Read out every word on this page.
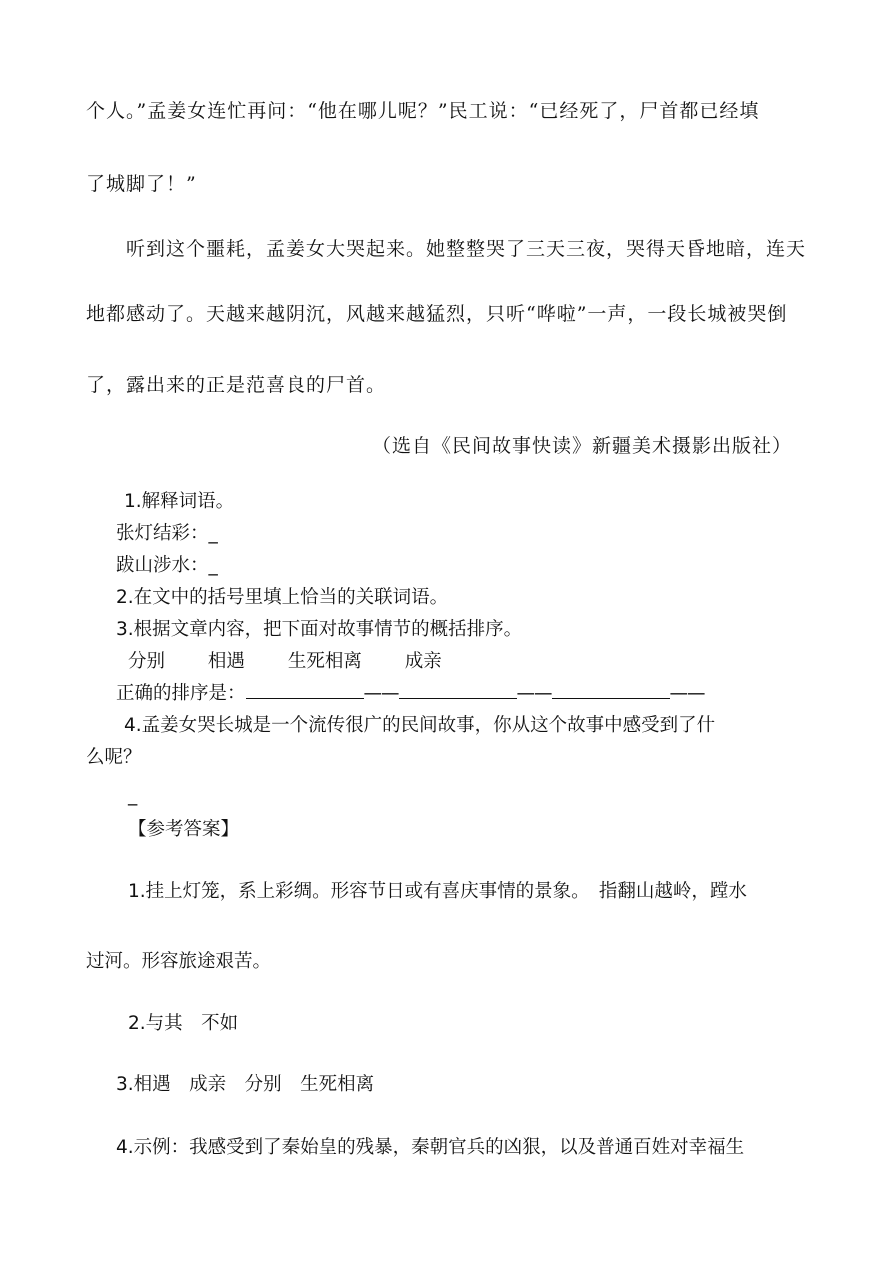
个人。”孟姜女连忙再问：“他在哪儿呢？”民工说：“已经死了，尸首都已经填
了城脚了！”
听到这个噩耗，孟姜女大哭起来。她整整哭了三天三夜，哭得天昏地暗，连天
地都感动了。天越来越阴沉，风越来越猛烈，只听“哗啦”一声，一段长城被哭倒
了，露出来的正是范喜良的尸首。
（选自《民间故事快读》新疆美术摄影出版社）
1.解释词语。
张灯结彩：_
跋山涉水：_
2.在文中的括号里填上恰当的关联词语。
3.根据文章内容，把下面对故事情节的概括排序。
分别 相遇 生死相离 成亲
正确的排序是：	——	——	——
4.孟姜女哭长城是一个流传很广的民间故事，你从这个故事中感受到了什
么呢？
_
【参考答案】
1.挂上灯笼，系上彩绸。形容节日或有喜庆事情的景象。　指翻山越岭，蹚水
过河。形容旅途艰苦。
2.与其　不如
3.相遇　成亲　分别　生死相离
4.示例：我感受到了秦始皇的残暴，秦朝官兵的凶狠，以及普通百姓对幸福生
